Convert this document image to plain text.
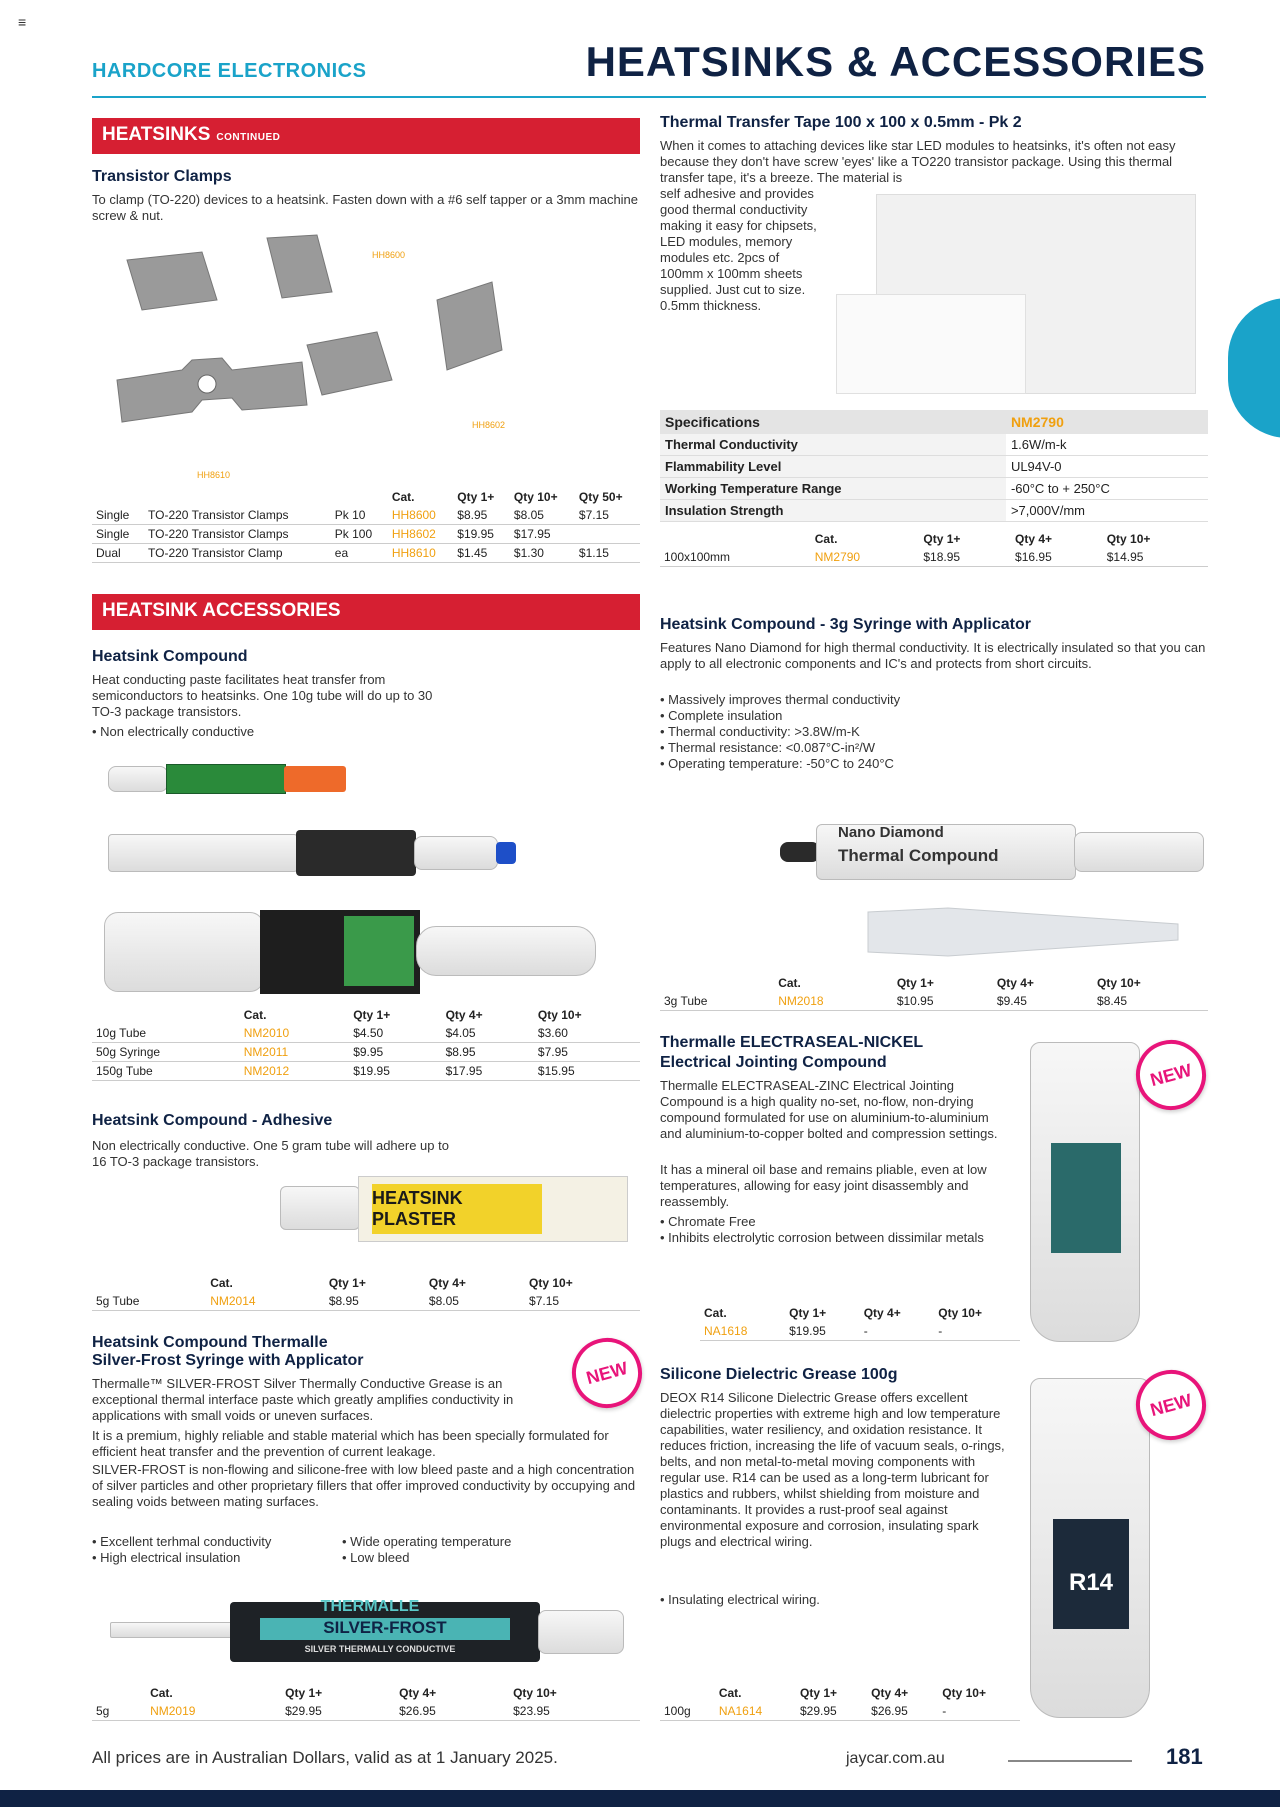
≡
HARDCORE ELECTRONICS	HEATSINKS & ACCESSORIES
HEATSINKS CONTINUED
Transistor Clamps
To clamp (TO-220) devices to a heatsink. Fasten down with a #6 self tapper or a 3mm machine screw & nut.
HH8600
HH8602
HH8610
			Cat.	Qty 1+	Qty 10+	Qty 50+
Single	TO-220 Transistor Clamps	Pk 10	HH8600	$8.95	$8.05	$7.15
Single	TO-220 Transistor Clamps	Pk 100	HH8602	$19.95	$17.95	
Dual	TO-220 Transistor Clamp	ea	HH8610	$1.45	$1.30	$1.15
HEATSINK ACCESSORIES
Heatsink Compound
Heat conducting paste facilitates heat transfer from semiconductors to heatsinks. One 10g tube will do up to 30 TO-3 package transistors.
• Non electrically conductive
	Cat.	Qty 1+	Qty 4+	Qty 10+
10g Tube	NM2010	$4.50	$4.05	$3.60
50g Syringe	NM2011	$9.95	$8.95	$7.95
150g Tube	NM2012	$19.95	$17.95	$15.95
Heatsink Compound - Adhesive
Non electrically conductive. One 5 gram tube will adhere up to 16 TO-3 package transistors.
HEATSINK PLASTER
	Cat.	Qty 1+	Qty 4+	Qty 10+
5g Tube	NM2014	$8.95	$8.05	$7.15
Heatsink Compound Thermalle
Silver-Frost Syringe with Applicator	NEW
Thermalle™ SILVER-FROST Silver Thermally Conductive Grease is an exceptional thermal interface paste which greatly amplifies conductivity in applications with small voids or uneven surfaces.
It is a premium, highly reliable and stable material which has been specially formulated for efficient heat transfer and the prevention of current leakage.
SILVER-FROST is non-flowing and silicone-free with low bleed paste and a high concentration of silver particles and other proprietary fillers that offer improved conductivity by occupying and sealing voids between mating surfaces.
• Excellent terhmal conductivity
• High electrical insulation
• Wide operating temperature
• Low bleed
THERMALLE
SILVER-FROST
SILVER THERMALLY CONDUCTIVE
	Cat.	Qty 1+	Qty 4+	Qty 10+
5g	NM2019	$29.95	$26.95	$23.95
Thermal Transfer Tape 100 x 100 x 0.5mm - Pk 2
When it comes to attaching devices like star LED modules to heatsinks, it's often not easy because they don't have screw 'eyes' like a TO220 transistor package. Using this thermal transfer tape, it's a breeze. The material is
self adhesive and provides good thermal conductivity making it easy for chipsets, LED modules, memory modules etc. 2pcs of 100mm x 100mm sheets supplied. Just cut to size. 0.5mm thickness.
Specifications	NM2790
Thermal Conductivity	1.6W/m-k
Flammability Level	UL94V-0
Working Temperature Range	-60°C to + 250°C
Insulation Strength	>7,000V/mm
	Cat.	Qty 1+	Qty 4+	Qty 10+
100x100mm	NM2790	$18.95	$16.95	$14.95
Heatsink Compound - 3g Syringe with Applicator
Features Nano Diamond for high thermal conductivity. It is electrically insulated so that you can apply to all electronic components and IC's and protects from short circuits.
• Massively improves thermal conductivity
• Complete insulation
• Thermal conductivity: >3.8W/m-K
• Thermal resistance: <0.087°C-in²/W
• Operating temperature: -50°C to 240°C
Nano Diamond
Thermal Compound
	Cat.	Qty 1+	Qty 4+	Qty 10+
3g Tube	NM2018	$10.95	$9.45	$8.45
Thermalle ELECTRASEAL-NICKEL
Electrical Jointing Compound
Thermalle ELECTRASEAL-ZINC Electrical Jointing Compound is a high quality no-set, no-flow, non-drying compound formulated for use on aluminium-to-aluminium and aluminium-to-copper bolted and compression settings.
It has a mineral oil base and remains pliable, even at low temperatures, allowing for easy joint disassembly and reassembly.
• Chromate Free
• Inhibits electrolytic corrosion between dissimilar metals
NEW
Cat.	Qty 1+	Qty 4+	Qty 10+
NA1618	$19.95	-	-
Silicone Dielectric Grease 100g
DEOX R14 Silicone Dielectric Grease offers excellent dielectric properties with extreme high and low temperature capabilities, water resiliency, and oxidation resistance. It reduces friction, increasing the life of vacuum seals, o-rings, belts, and non metal-to-metal moving components with regular use. R14 can be used as a long-term lubricant for plastics and rubbers, whilst shielding from moisture and contaminants. It provides a rust-proof seal against environmental exposure and corrosion, insulating spark plugs and electrical wiring.
• Insulating electrical wiring.
R14
NEW
	Cat.	Qty 1+	Qty 4+	Qty 10+
100g	NA1614	$29.95	$26.95	-
All prices are in Australian Dollars, valid as at 1 January 2025.	jaycar.com.au	181
